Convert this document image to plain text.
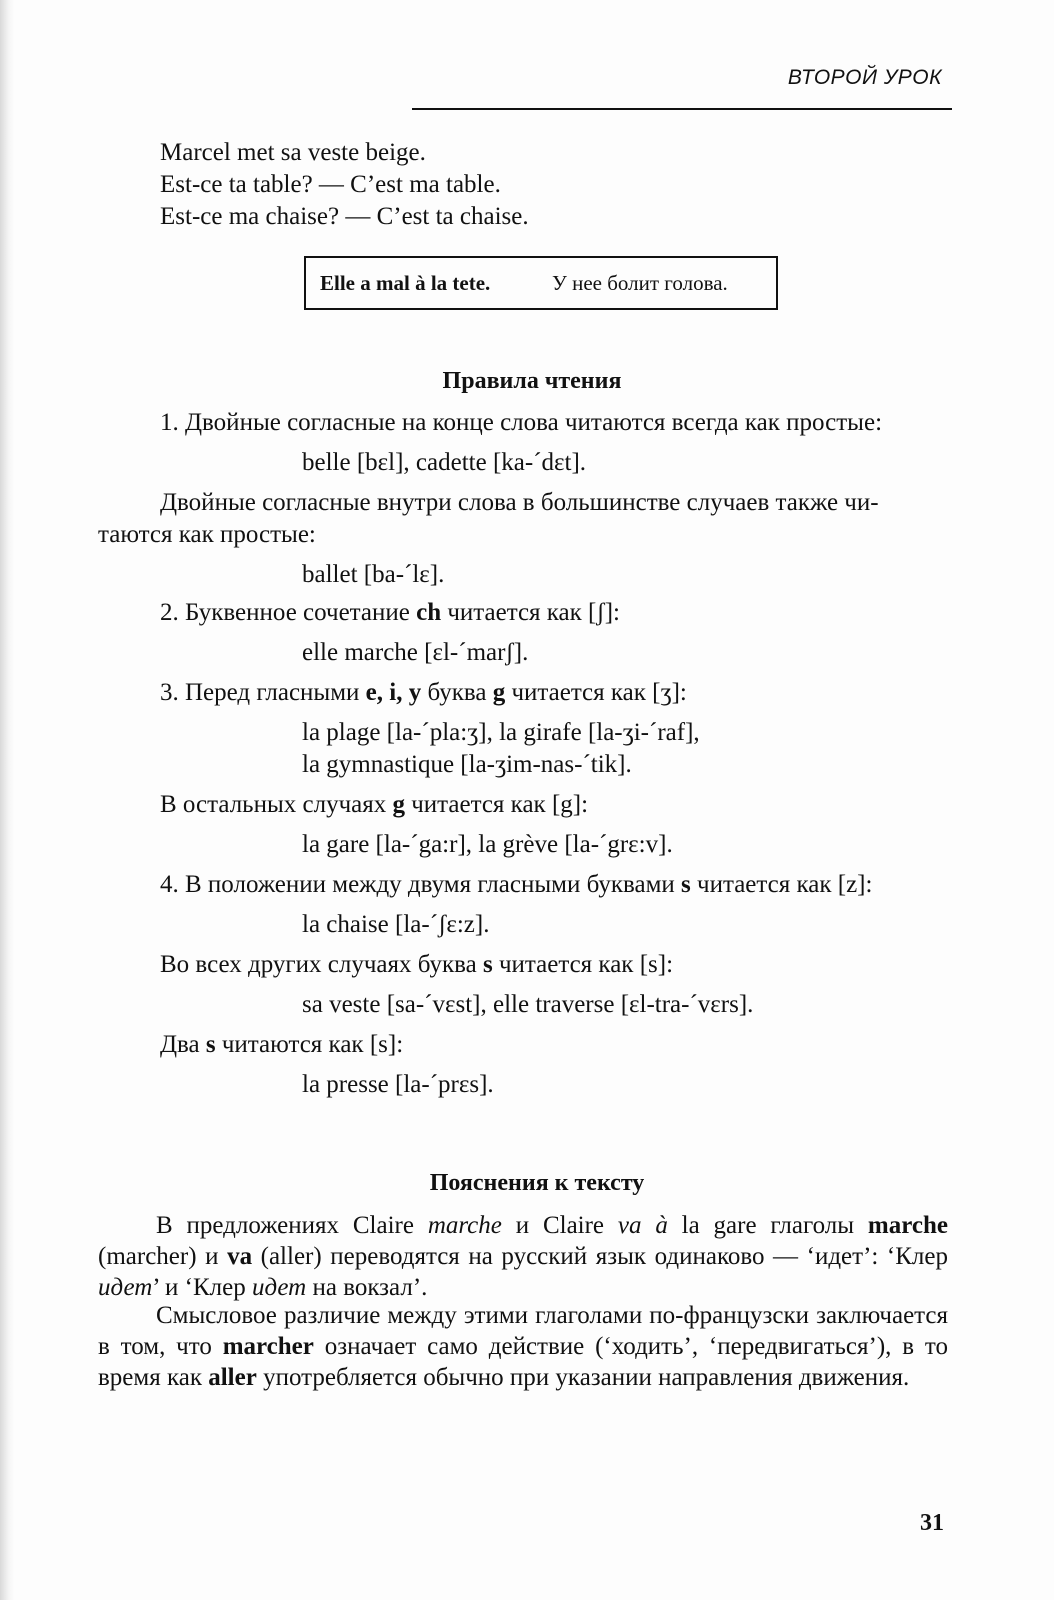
ВТОРОЙ УРОК
Marcel met sa veste beige.
Est-ce ta table? — C’est ma table.
Est-ce ma chaise? — C’est ta chaise.
Elle a mal à la tete.	У нее болит голова.
Правила чтения
1. Двойные согласные на конце слова читаются всегда как простые:
belle [bɛl], cadette [ka-ˊdɛt].
Двойные согласные внутри слова в большинстве случаев также чи-
таются как простые:
ballet [ba-ˊlɛ].
2. Буквенное сочетание ch читается как [ʃ]:
elle marche [ɛl-ˊmarʃ].
3. Перед гласными e, i, y буква g читается как [ʒ]:
la plage [la-ˊpla:ʒ], la girafe [la-ʒi-ˊraf],
la gymnastique [la-ʒim-nas-ˊtik].
В остальных случаях g читается как [g]:
la gare [la-ˊga:r], la grève [la-ˊgrɛ:v].
4. В положении между двумя гласными буквами s читается как [z]:
la chaise [la-ˊʃɛ:z].
Во всех других случаях буква s читается как [s]:
sa veste [sa-ˊvɛst], elle traverse [ɛl-tra-ˊvɛrs].
Два s читаются как [s]:
la presse [la-ˊprɛs].
Пояснения к тексту
В предложениях Claire marche и Claire va à la gare глаголы marche (marcher) и va (aller) переводятся на русский язык одинаково — ‘идет’: ‘Клер идет’ и ‘Клер идет на вокзал’.
Смысловое различие между этими глаголами по-французски заключается в том, что marcher означает само действие (‘ходить’, ‘передвигаться’), в то время как aller употребляется обычно при указании направления движения.
31
